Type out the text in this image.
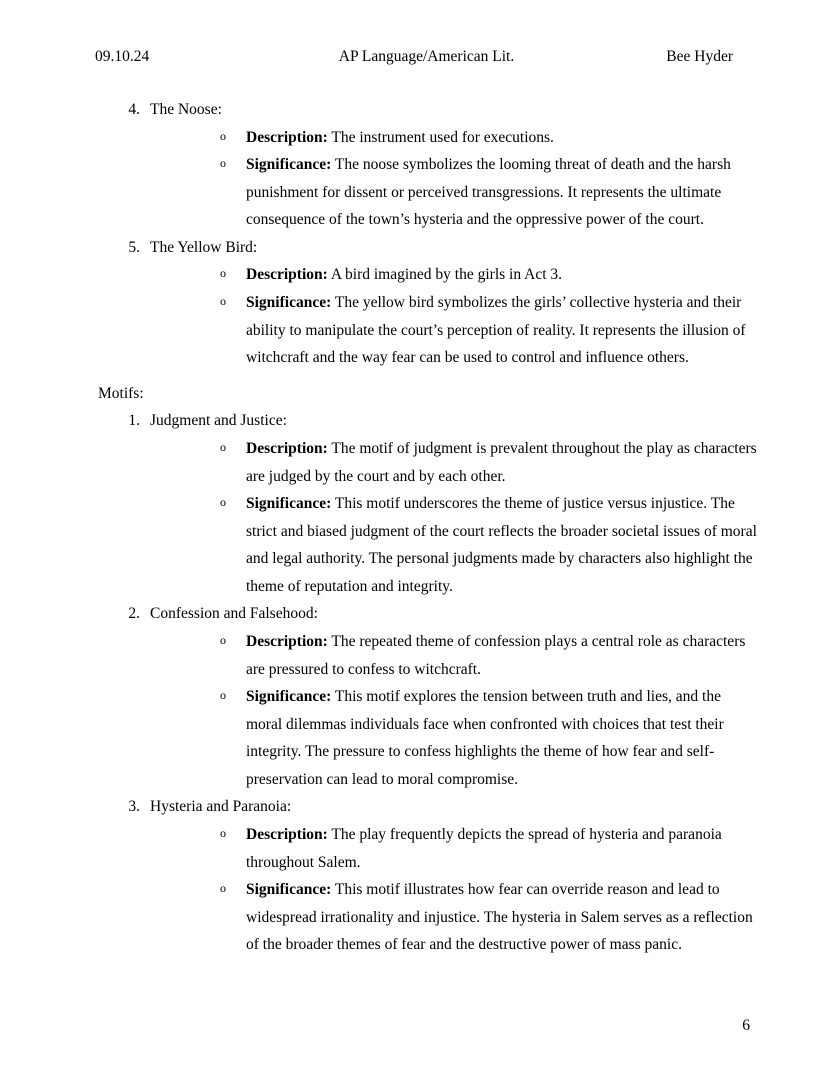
09.10.24	AP Language/American Lit.	Bee Hyder
4. The Noose:

o Description: The instrument used for executions.

o Significance: The noose symbolizes the looming threat of death and the harsh punishment for dissent or perceived transgressions. It represents the ultimate consequence of the town’s hysteria and the oppressive power of the court.

5. The Yellow Bird:

o Description: A bird imagined by the girls in Act 3.

o Significance: The yellow bird symbolizes the girls’ collective hysteria and their ability to manipulate the court’s perception of reality. It represents the illusion of witchcraft and the way fear can be used to control and influence others.

Motifs:

1. Judgment and Justice:

o Description: The motif of judgment is prevalent throughout the play as characters are judged by the court and by each other.

o Significance: This motif underscores the theme of justice versus injustice. The strict and biased judgment of the court reflects the broader societal issues of moral and legal authority. The personal judgments made by characters also highlight the theme of reputation and integrity.

2. Confession and Falsehood:

o Description: The repeated theme of confession plays a central role as characters are pressured to confess to witchcraft.

o Significance: This motif explores the tension between truth and lies, and the moral dilemmas individuals face when confronted with choices that test their integrity. The pressure to confess highlights the theme of how fear and self-preservation can lead to moral compromise.

3. Hysteria and Paranoia:

o Description: The play frequently depicts the spread of hysteria and paranoia throughout Salem.

o Significance: This motif illustrates how fear can override reason and lead to widespread irrationality and injustice. The hysteria in Salem serves as a reflection of the broader themes of fear and the destructive power of mass panic.

6
